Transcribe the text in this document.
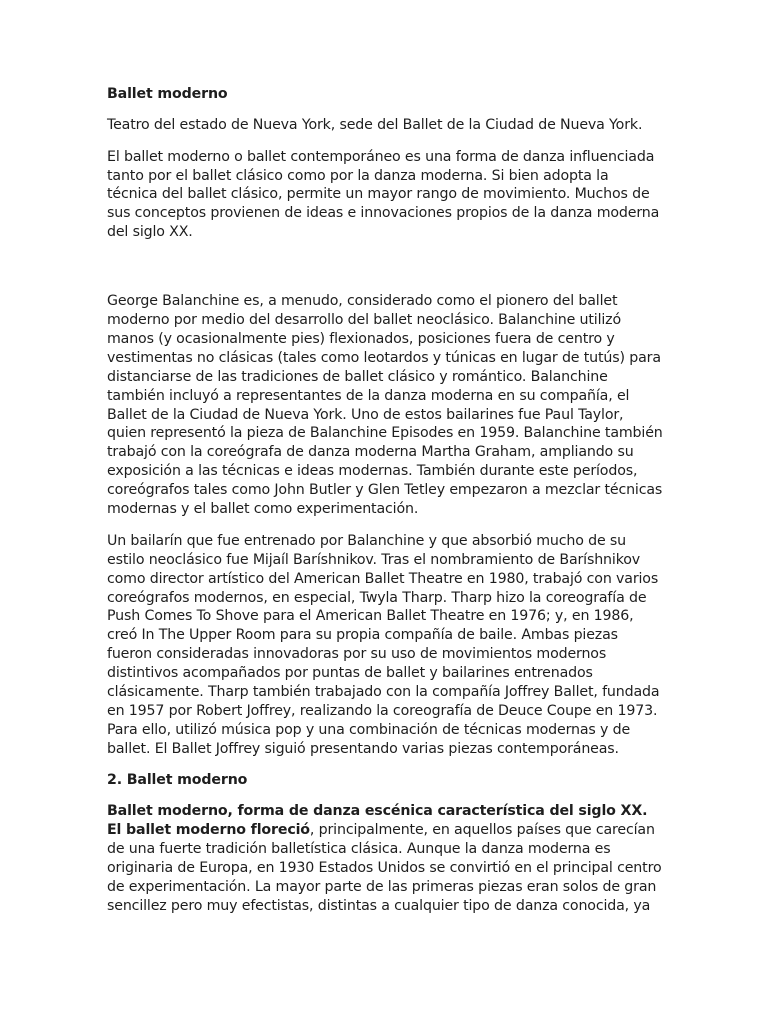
Ballet moderno

Teatro del estado de Nueva York, sede del Ballet de la Ciudad de Nueva York.

El ballet moderno o ballet contemporáneo es una forma de danza influenciada tanto por el ballet clásico como por la danza moderna. Si bien adopta la técnica del ballet clásico, permite un mayor rango de movimiento. Muchos de sus conceptos provienen de ideas e innovaciones propios de la danza moderna del siglo XX.

George Balanchine es, a menudo, considerado como el pionero del ballet moderno por medio del desarrollo del ballet neoclásico. Balanchine utilizó manos (y ocasionalmente pies) flexionados, posiciones fuera de centro y vestimentas no clásicas (tales como leotardos y túnicas en lugar de tutús) para distanciarse de las tradiciones de ballet clásico y romántico. Balanchine también incluyó a representantes de la danza moderna en su compañía, el Ballet de la Ciudad de Nueva York. Uno de estos bailarines fue Paul Taylor, quien representó la pieza de Balanchine Episodes en 1959. Balanchine también trabajó con la coreógrafa de danza moderna Martha Graham, ampliando su exposición a las técnicas e ideas modernas. También durante este períodos, coreógrafos tales como John Butler y Glen Tetley empezaron a mezclar técnicas modernas y el ballet como experimentación.

Un bailarín que fue entrenado por Balanchine y que absorbió mucho de su estilo neoclásico fue Mijaíl Baríshnikov. Tras el nombramiento de Baríshnikov como director artístico del American Ballet Theatre en 1980, trabajó con varios coreógrafos modernos, en especial, Twyla Tharp. Tharp hizo la coreografía de Push Comes To Shove para el American Ballet Theatre en 1976; y, en 1986, creó In The Upper Room para su propia compañía de baile. Ambas piezas fueron consideradas innovadoras por su uso de movimientos modernos distintivos acompañados por puntas de ballet y bailarines entrenados clásicamente. Tharp también trabajado con la compañía Joffrey Ballet, fundada en 1957 por Robert Joffrey, realizando la coreografía de Deuce Coupe en 1973. Para ello, utilizó música pop y una combinación de técnicas modernas y de ballet. El Ballet Joffrey siguió presentando varias piezas contemporáneas.

2. Ballet moderno

Ballet moderno, forma de danza escénica característica del siglo XX. El ballet moderno floreció, principalmente, en aquellos países que carecían de una fuerte tradición balletística clásica. Aunque la danza moderna es originaria de Europa, en 1930 Estados Unidos se convirtió en el principal centro de experimentación. La mayor parte de las primeras piezas eran solos de gran sencillez pero muy efectistas, distintas a cualquier tipo de danza conocida, ya
